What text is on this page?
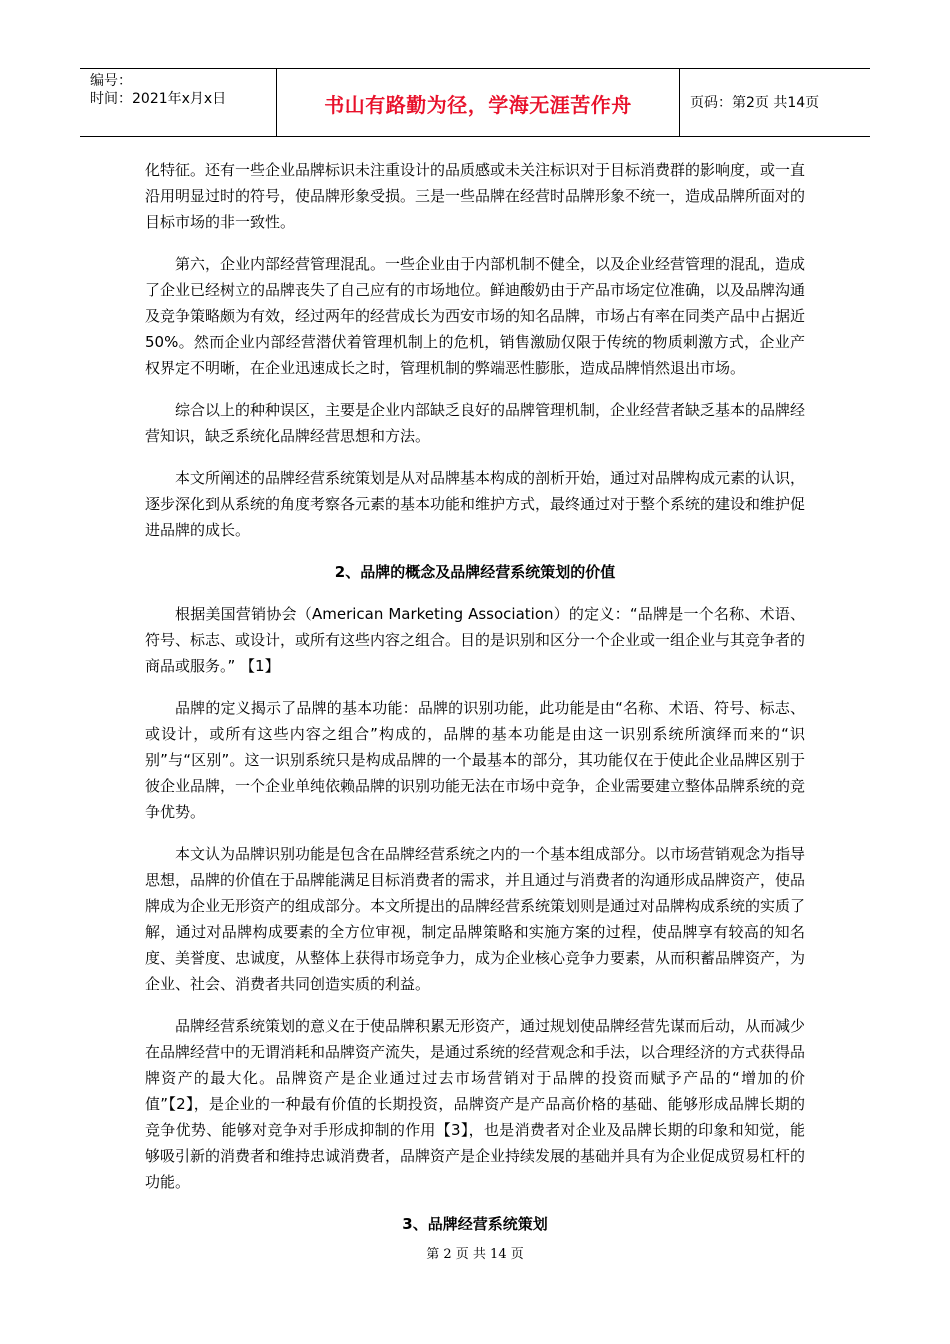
编号：
时间：2021年x月x日	书山有路勤为径，学海无涯苦作舟	页码：第2页 共14页

化特征。还有一些企业品牌标识未注重设计的品质感或未关注标识对于目标消费群的影响度，或一直沿用明显过时的符号，使品牌形象受损。三是一些品牌在经营时品牌形象不统一，造成品牌所面对的目标市场的非一致性。

第六，企业内部经营管理混乱。一些企业由于内部机制不健全，以及企业经营管理的混乱，造成了企业已经树立的品牌丧失了自己应有的市场地位。鲜迪酸奶由于产品市场定位准确，以及品牌沟通及竞争策略颇为有效，经过两年的经营成长为西安市场的知名品牌，市场占有率在同类产品中占据近50%。然而企业内部经营潜伏着管理机制上的危机，销售激励仅限于传统的物质刺激方式，企业产权界定不明晰，在企业迅速成长之时，管理机制的弊端恶性膨胀，造成品牌悄然退出市场。

综合以上的种种误区，主要是企业内部缺乏良好的品牌管理机制，企业经营者缺乏基本的品牌经营知识，缺乏系统化品牌经营思想和方法。

本文所阐述的品牌经营系统策划是从对品牌基本构成的剖析开始，通过对品牌构成元素的认识，逐步深化到从系统的角度考察各元素的基本功能和维护方式，最终通过对于整个系统的建设和维护促进品牌的成长。

2、品牌的概念及品牌经营系统策划的价值

根据美国营销协会（American Marketing Association）的定义：“品牌是一个名称、术语、符号、标志、或设计，或所有这些内容之组合。目的是识别和区分一个企业或一组企业与其竞争者的商品或服务。” 【1】

品牌的定义揭示了品牌的基本功能：品牌的识别功能，此功能是由“名称、术语、符号、标志、或设计，或所有这些内容之组合”构成的，品牌的基本功能是由这一识别系统所演绎而来的“识别”与“区别”。这一识别系统只是构成品牌的一个最基本的部分，其功能仅在于使此企业品牌区别于彼企业品牌，一个企业单纯依赖品牌的识别功能无法在市场中竞争，企业需要建立整体品牌系统的竞争优势。

本文认为品牌识别功能是包含在品牌经营系统之内的一个基本组成部分。以市场营销观念为指导思想，品牌的价值在于品牌能满足目标消费者的需求，并且通过与消费者的沟通形成品牌资产，使品牌成为企业无形资产的组成部分。本文所提出的品牌经营系统策划则是通过对品牌构成系统的实质了解，通过对品牌构成要素的全方位审视，制定品牌策略和实施方案的过程，使品牌享有较高的知名度、美誉度、忠诚度，从整体上获得市场竞争力，成为企业核心竞争力要素，从而积蓄品牌资产，为企业、社会、消费者共同创造实质的利益。

品牌经营系统策划的意义在于使品牌积累无形资产，通过规划使品牌经营先谋而后动，从而减少在品牌经营中的无谓消耗和品牌资产流失，是通过系统的经营观念和手法，以合理经济的方式获得品牌资产的最大化。品牌资产是企业通过过去市场营销对于品牌的投资而赋予产品的“增加的价值”【2】，是企业的一种最有价值的长期投资，品牌资产是产品高价格的基础、能够形成品牌长期的竞争优势、能够对竞争对手形成抑制的作用【3】，也是消费者对企业及品牌长期的印象和知觉，能够吸引新的消费者和维持忠诚消费者，品牌资产是企业持续发展的基础并具有为企业促成贸易杠杆的功能。

3、品牌经营系统策划
第 2 页 共 14 页
